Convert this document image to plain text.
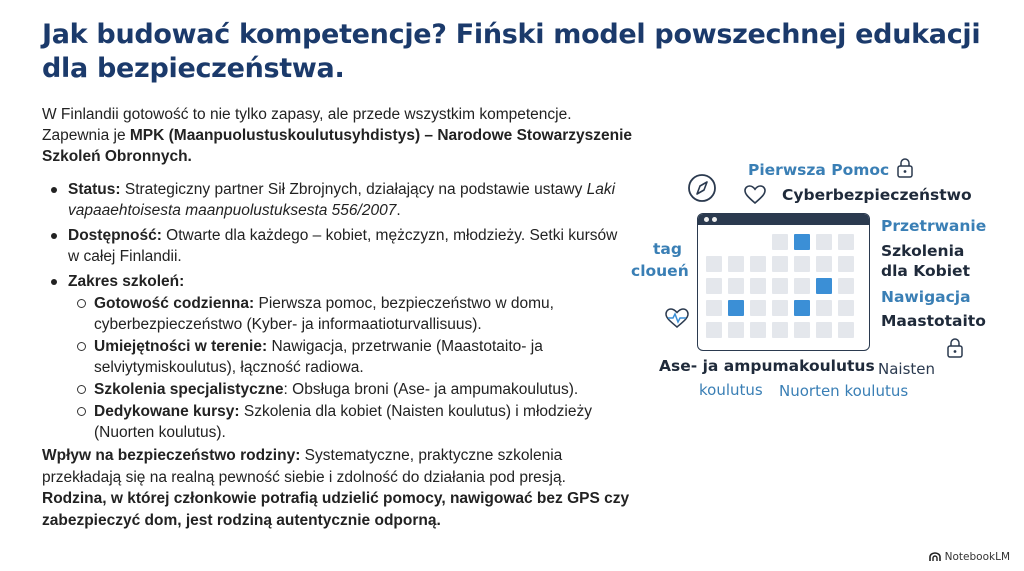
Jak budować kompetencje? Fiński model powszechnej edukacji dla bezpieczeństwa.

W Finlandii gotowość to nie tylko zapasy, ale przede wszystkim kompetencje. Zapewnia je MPK (Maanpuolustuskoulutusyhdistys) – Narodowe Stowarzyszenie Szkoleń Obronnych.

Status: Strategiczny partner Sił Zbrojnych, działający na podstawie ustawy Laki vapaaehtoisesta maanpuolustuksesta 556/2007.
Dostępność: Otwarte dla każdego – kobiet, mężczyzn, młodzieży. Setki kursów w całej Finlandii.
Zakres szkoleń:
Gotowość codzienna: Pierwsza pomoc, bezpieczeństwo w domu, cyberbezpieczeństwo (Kyber- ja informaatioturvallisuus).
Umiejętności w terenie: Nawigacja, przetrwanie (Maastotaito- ja selviytymiskoulutus), łączność radiowa.
Szkolenia specjalistyczne: Obsługa broni (Ase- ja ampumakoulutus).
Dedykowane kursy: Szkolenia dla kobiet (Naisten koulutus) i młodzieży (Nuorten koulutus).

Wpływ na bezpieczeństwo rodziny: Systematyczne, praktyczne szkolenia przekładają się na realną pewność siebie i zdolność do działania pod presją. Rodzina, w której członkowie potrafią udzielić pomocy, nawigować bez GPS czy zabezpieczyć dom, jest rodziną autentycznie odporną.

Pierwsza Pomoc
Cyberbezpieczeństwo
tag
clouеń
Przetrwanie
Szkolenia
dla Kobiet
Nawigacja
Maastotaito
Ase- ja ampumakoulutus Naisten
koulutus Nuorten koulutus
NotebookLM
